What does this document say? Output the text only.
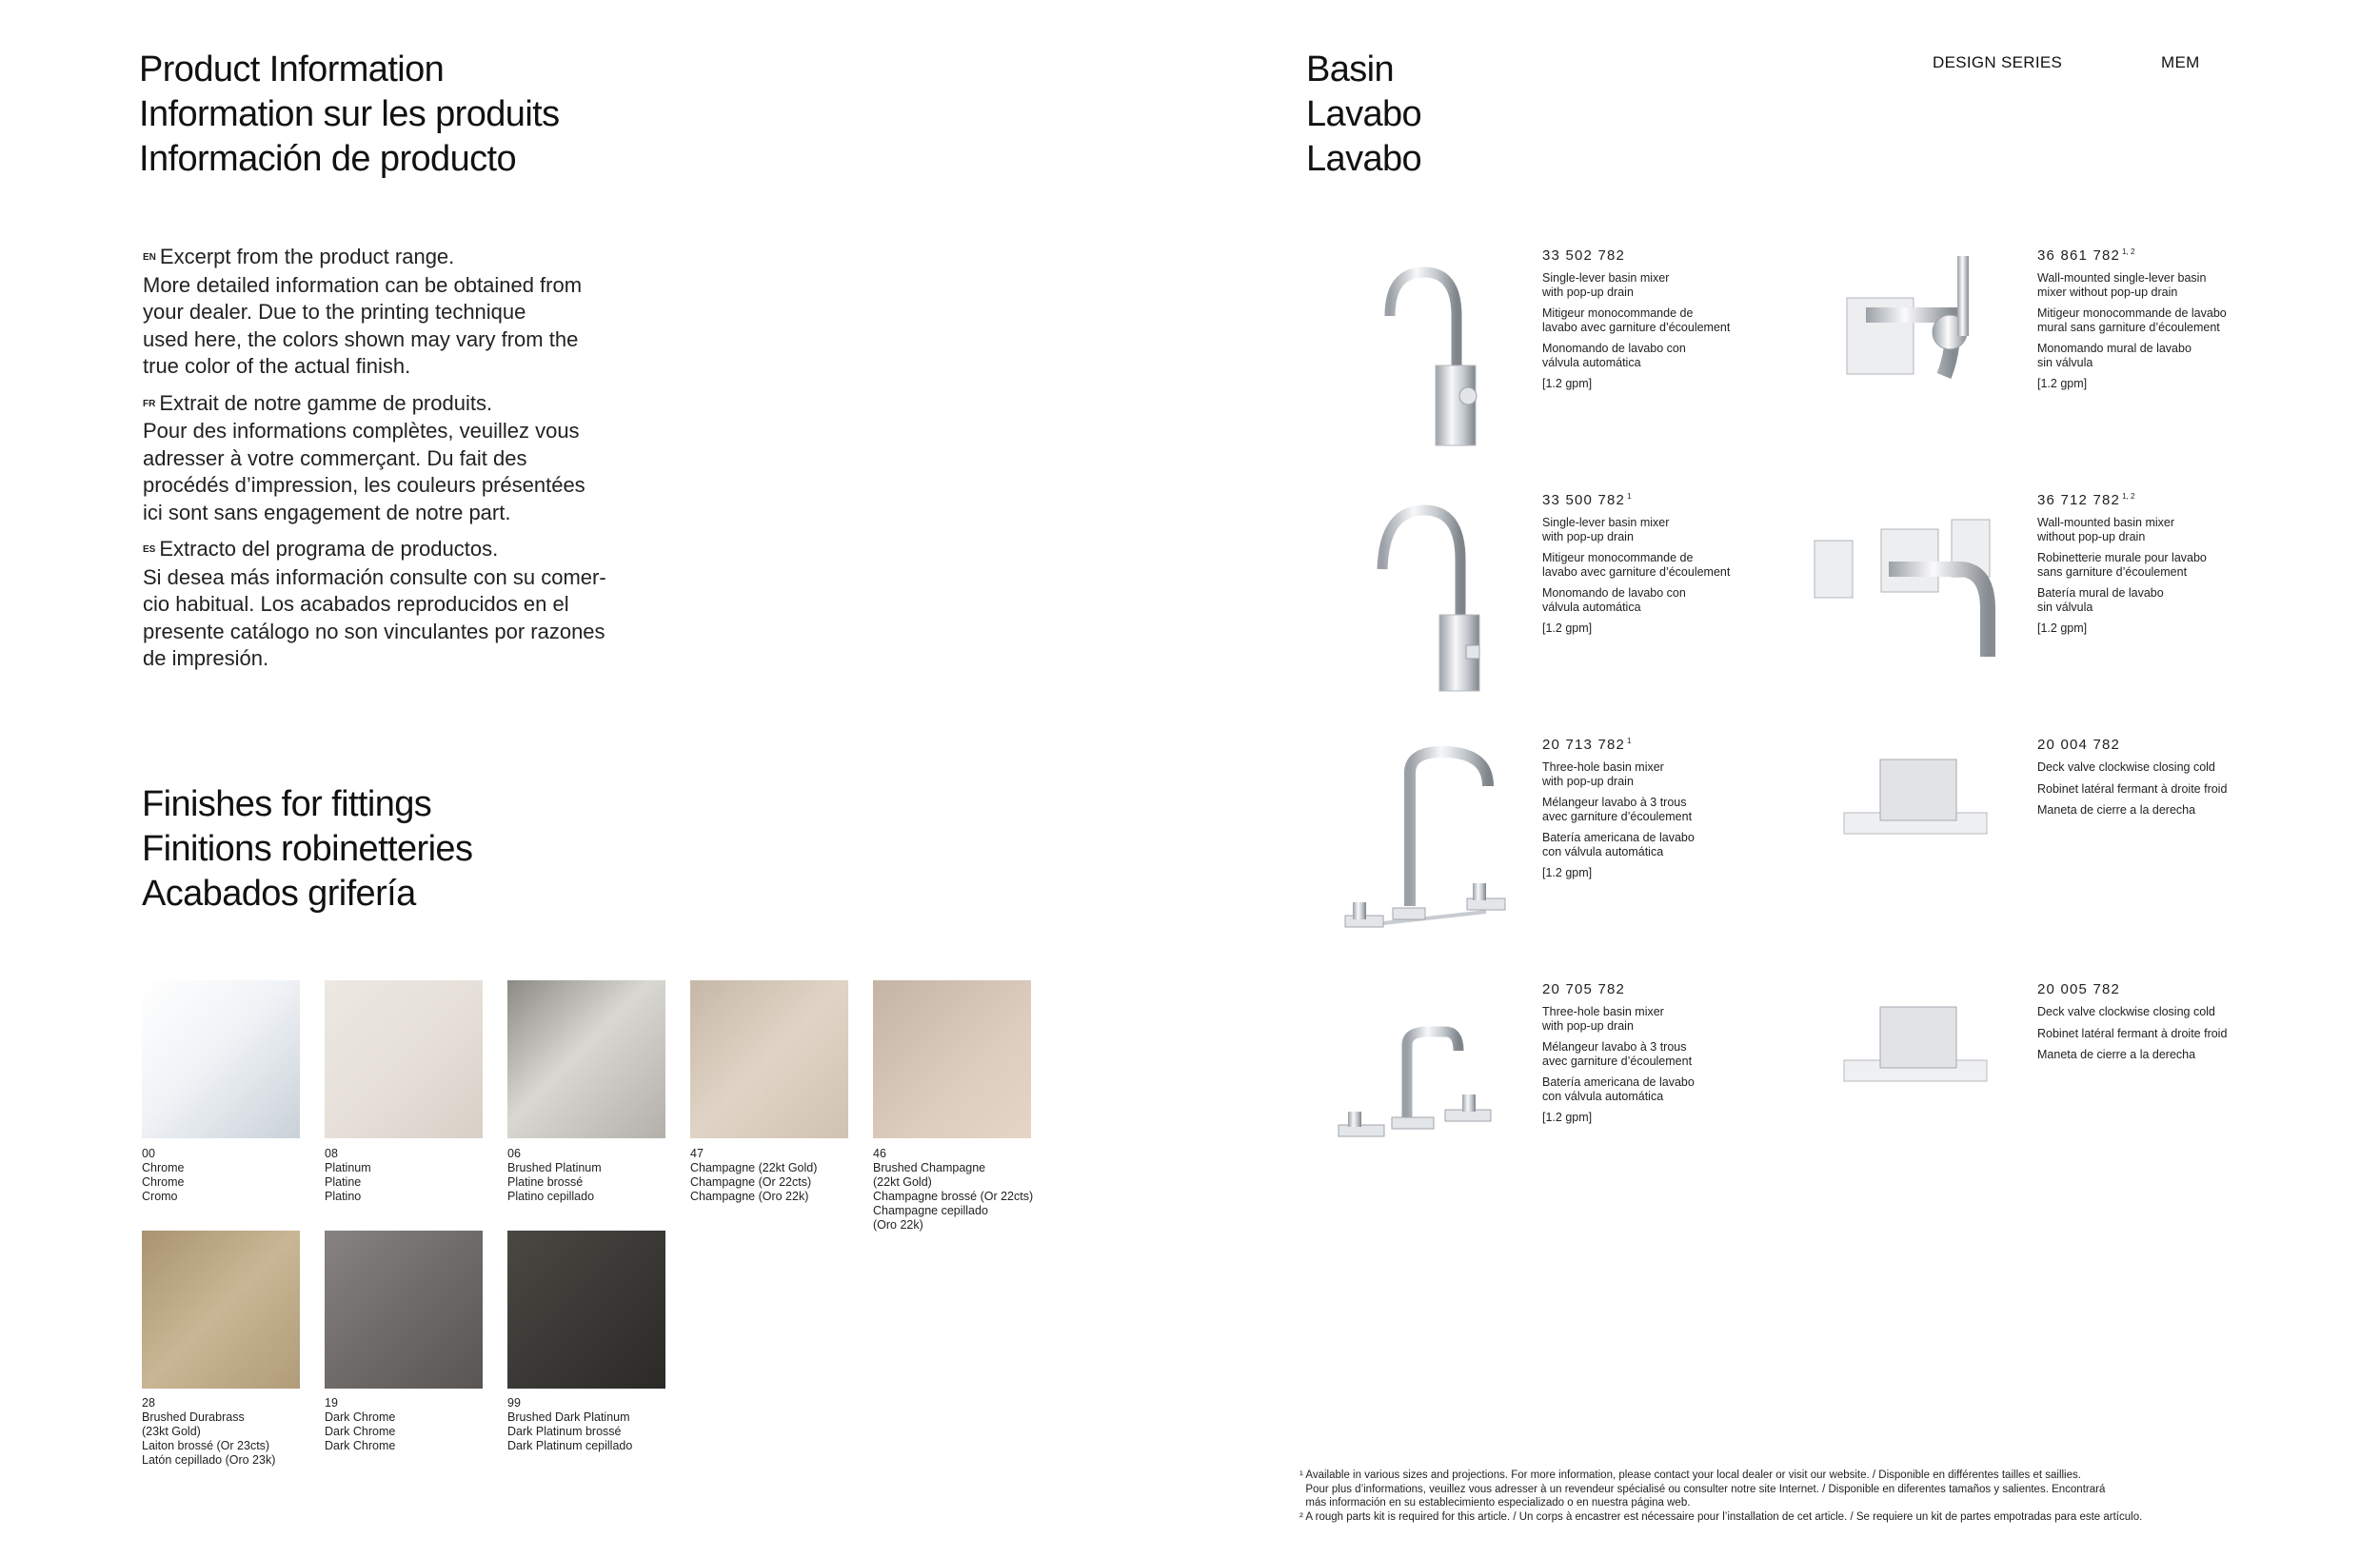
Product Information
Information sur les produits
Información de producto

EN Excerpt from the product range.
More detailed information can be obtained from
your dealer. Due to the printing technique
used here, the colors shown may vary from the
true color of the actual finish.

FR Extrait de notre gamme de produits.
Pour des informations complètes, veuillez vous
adresser à votre commerçant. Du fait des
procédés d’impression, les couleurs présentées
ici sont sans engagement de notre part.

ES Extracto del programa de productos.
Si desea más información consulte con su comer-
cio habitual. Los acabados reproducidos en el
presente catálogo no son vinculantes por razones
de impresión.

Finishes for fittings
Finitions robinetteries
Acabados grifería
00
Chrome
Chrome
Cromo
08
Platinum
Platine
Platino
06
Brushed Platinum
Platine brossé
Platino cepillado
47
Champagne (22kt Gold)
Champagne (Or 22cts)
Champagne (Oro 22k)
46
Brushed Champagne
(22kt Gold)
Champagne brossé (Or 22cts)
Champagne cepillado
(Oro 22k)
28
Brushed Durabrass
(23kt Gold)
Laiton brossé (Or 23cts)
Latón cepillado (Oro 23k)
19
Dark Chrome
Dark Chrome
Dark Chrome
99
Brushed Dark Platinum
Dark Platinum brossé
Dark Platinum cepillado
Basin
Lavabo
Lavabo
DESIGN SERIES	MEM
33 502 782
Single-lever basin mixer
with pop-up drain
Mitigeur monocommande de
lavabo avec garniture d’écoulement
Monomando de lavabo con
válvula automática
[1.2 gpm]
36 861 782 $^{1, 2}$
Wall-mounted single-lever basin
mixer without pop-up drain
Mitigeur monocommande de lavabo
mural sans garniture d’écoulement
Monomando mural de lavabo
sin válvula
[1.2 gpm]
33 500 782 $^1$
Single-lever basin mixer
with pop-up drain
Mitigeur monocommande de
lavabo avec garniture d’écoulement
Monomando de lavabo con
válvula automática
[1.2 gpm]
36 712 782 $^{1, 2}$
Wall-mounted basin mixer
without pop-up drain
Robinetterie murale pour lavabo
sans garniture d’écoulement
Batería mural de lavabo
sin válvula
[1.2 gpm]
20 713 782 $^1$
Three-hole basin mixer
with pop-up drain
Mélangeur lavabo à 3 trous
avec garniture d’écoulement
Batería americana de lavabo
con válvula automática
[1.2 gpm]
20 004 782
Deck valve clockwise closing cold
Robinet latéral fermant à droite froid
Maneta de cierre a la derecha
20 705 782
Three-hole basin mixer
with pop-up drain
Mélangeur lavabo à 3 trous
avec garniture d’écoulement
Batería americana de lavabo
con válvula automática
[1.2 gpm]
20 005 782
Deck valve clockwise closing cold
Robinet latéral fermant à droite froid
Maneta de cierre a la derecha
¹ Available in various sizes and projections. For more information, please contact your local dealer or visit our website. / Disponible en différentes tailles et saillies.
Pour plus d’informations, veuillez vous adresser à un revendeur spécialisé ou consulter notre site Internet. / Disponible en diferentes tamaños y salientes. Encontrará
más información en su establecimiento especializado o en nuestra página web.
² A rough parts kit is required for this article. / Un corps à encastrer est nécessaire pour l’installation de cet article. / Se requiere un kit de partes empotradas para este artículo.
